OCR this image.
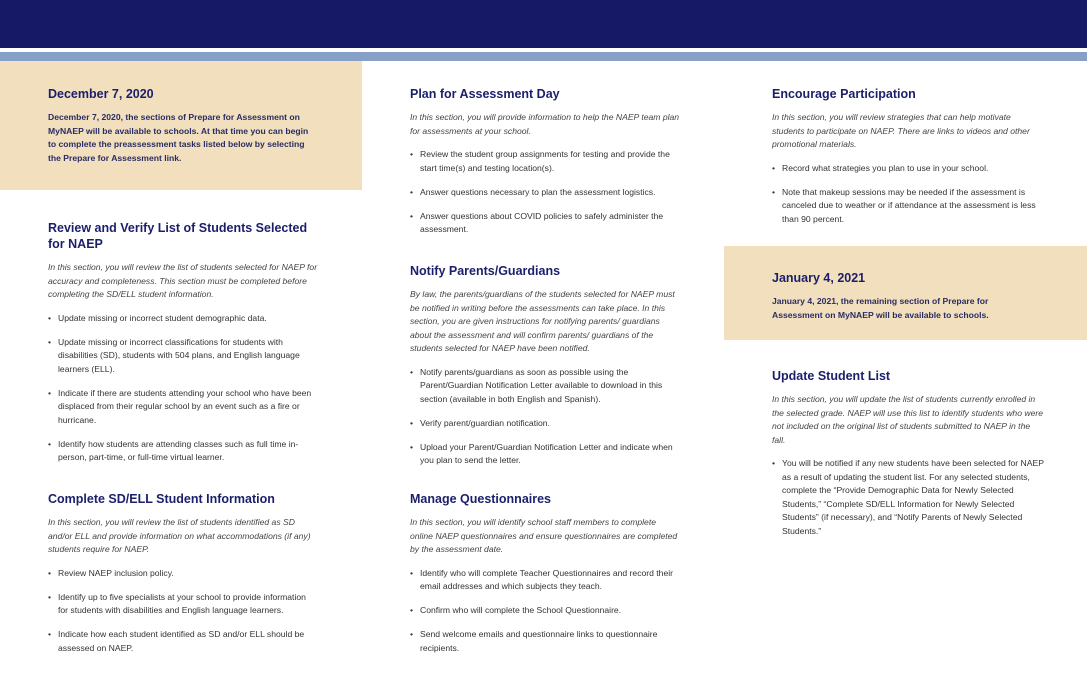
December 7, 2020

December 7, 2020, the sections of Prepare for Assessment on MyNAEP will be available to schools. At that time you can begin to complete the preassessment tasks listed below by selecting the Prepare for Assessment link.

Review and Verify List of Students Selected for NAEP

In this section, you will review the list of students selected for NAEP for accuracy and completeness. This section must be completed before completing the SD/ELL student information.

• Update missing or incorrect student demographic data.
• Update missing or incorrect classifications for students with disabilities (SD), students with 504 plans, and English language learners (ELL).
• Indicate if there are students attending your school who have been displaced from their regular school by an event such as a fire or hurricane.
• Identify how students are attending classes such as full time in-person, part-time, or full-time virtual learner.
Complete SD/ELL Student Information

In this section, you will review the list of students identified as SD and/or ELL and provide information on what accommodations (if any) students require for NAEP.

• Review NAEP inclusion policy.
• Identify up to five specialists at your school to provide information for students with disabilities and English language learners.
• Indicate how each student identified as SD and/or ELL should be assessed on NAEP.
Plan for Assessment Day

In this section, you will provide information to help the NAEP team plan for assessments at your school.

• Review the student group assignments for testing and provide the start time(s) and testing location(s).
• Answer questions necessary to plan the assessment logistics.
• Answer questions about COVID policies to safely administer the assessment.
Notify Parents/Guardians

By law, the parents/guardians of the students selected for NAEP must be notified in writing before the assessments can take place. In this section, you are given instructions for notifying parents/ guardians about the assessment and will confirm parents/ guardians of the students selected for NAEP have been notified.

• Notify parents/guardians as soon as possible using the Parent/Guardian Notification Letter available to download in this section (available in both English and Spanish).
• Verify parent/guardian notification.
• Upload your Parent/Guardian Notification Letter and indicate when you plan to send the letter.
Manage Questionnaires

In this section, you will identify school staff members to complete online NAEP questionnaires and ensure questionnaires are completed by the assessment date.

• Identify who will complete Teacher Questionnaires and record their email addresses and which subjects they teach.
• Confirm who will complete the School Questionnaire.
• Send welcome emails and questionnaire links to questionnaire recipients.
Encourage Participation

In this section, you will review strategies that can help motivate students to participate on NAEP. There are links to videos and other promotional materials.

• Record what strategies you plan to use in your school.
• Note that makeup sessions may be needed if the assessment is canceled due to weather or if attendance at the assessment is less than 90 percent.
January 4, 2021

January 4, 2021, the remaining section of Prepare for Assessment on MyNAEP will be available to schools.

Update Student List

In this section, you will update the list of students currently enrolled in the selected grade. NAEP will use this list to identify students who were not included on the original list of students submitted to NAEP in the fall.

• You will be notified if any new students have been selected for NAEP as a result of updating the student list. For any selected students, complete the “Provide Demographic Data for Newly Selected Students,” “Complete SD/ELL Information for Newly Selected Students” (if necessary), and “Notify Parents of Newly Selected Students.”
